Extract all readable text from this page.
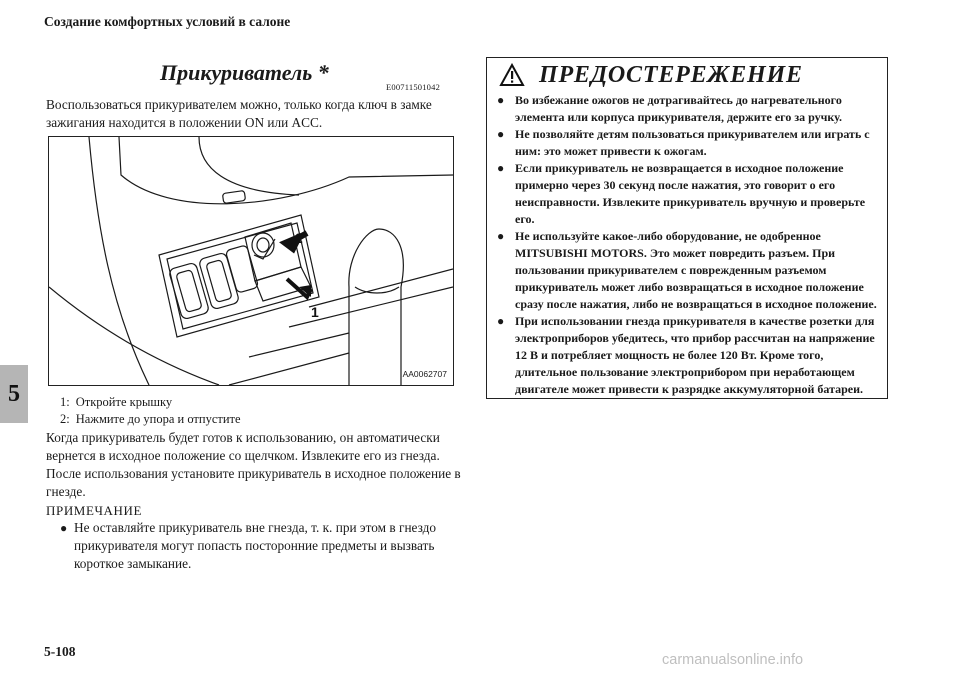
Создание комфортных условий в салоне
5
Прикуриватель *
E00711501042
Воспользоваться прикуривателем можно, только когда ключ в замке зажигания находится в положении ON или ACC.
2
1
AA0062707
1: Откройте крышку
2: Нажмите до упора и отпустите
Когда прикуриватель будет готов к использованию, он автоматически вернется в исходное положение со щелчком. Извлеките его из гнезда. После использования установите прикуриватель в исходное положение в гнезде.
ПРИМЕЧАНИЕ
● Не оставляйте прикуриватель вне гнезда, т. к. при этом в гнездо прикуривателя могут попасть посторонние предметы и вызвать короткое замыкание.
ПРЕДОСТЕРЕЖЕНИЕ
● Во избежание ожогов не дотрагивайтесь до нагревательного элемента или корпуса прикуривателя, держите его за ручку.
● Не позволяйте детям пользоваться прикуривателем или играть с ним: это может привести к ожогам.
● Если прикуриватель не возвращается в исходное положение примерно через 30 секунд после нажатия, это говорит о его неисправности. Извлеките прикуриватель вручную и проверьте его.
● Не используйте какое-либо оборудование, не одобренное MITSUBISHI MOTORS. Это может повредить разъем. При пользовании прикуривателем с поврежденным разъемом прикуриватель может либо возвращаться в исходное положение сразу после нажатия, либо не возвращаться в исходное положение.
● При использовании гнезда прикуривателя в качестве розетки для электроприборов убедитесь, что прибор рассчитан на напряжение 12 В и потребляет мощность не более 120 Вт. Кроме того, длительное пользование электроприбором при неработающем двигателе может привести к разрядке аккумуляторной батареи.
5-108
carmanualsonline.info
